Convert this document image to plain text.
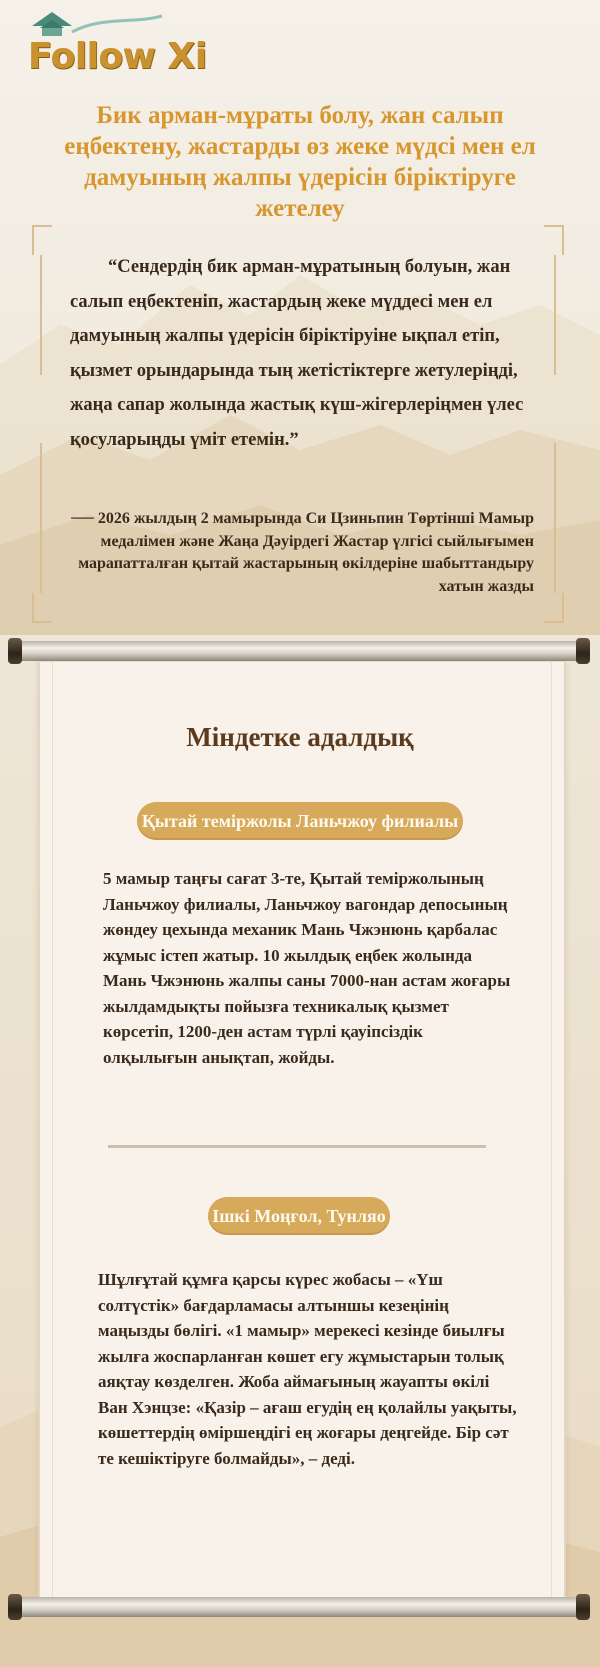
Follow Xi
Бик арман-мұраты болу, жан салып еңбектену, жастарды өз жеке мүдсі мен ел дамуының жалпы үдерісін біріктіруге жетелеу

“Сендердің бик арман-мұратының болуын, жан салып еңбектеніп, жастардың жеке мүддесі мен ел дамуының жалпы үдерісін біріктіруіне ықпал етіп, қызмет орындарында тың жетістіктерге жетулеріңді, жаңа сапар жолында жастық күш-жігерлеріңмен үлес қосуларыңды үміт етемін.”

── 2026 жылдың 2 мамырында Си Цзиньпин Төртінші Мамыр медалімен және Жаңа Дәуірдегі Жастар үлгісі сыйлығымен марапатталған қытай жастарының өкілдеріне шабыттандыру хатын жазды

Міндетке адалдық
Қытай теміржолы Ланьчжоу филиалы

5 мамыр таңғы сағат 3-те, Қытай теміржолының Ланьчжоу филиалы, Ланьчжоу вагондар депосының жөндеу цехында механик Мань Чжэнюнь қарбалас жұмыс істеп жатыр. 10 жылдық еңбек жолында Мань Чжэнюнь жалпы саны 7000-нан астам жоғары жылдамдықты пойызға техникалық қызмет көрсетіп, 1200-ден астам түрлі қауіпсіздік олқылығын анықтап, жойды.

Ішкі Моңғол, Тунляо

Шұлғұтай құмға қарсы күрес жобасы – «Үш солтүстік» бағдарламасы алтыншы кезеңінің маңызды бөлігі. «1 мамыр» мерекесі кезінде биылғы жылға жоспарланған көшет егу жұмыстарын толық аяқтау көзделген. Жоба аймағының жауапты өкілі Ван Хэнцзе: «Қазір – ағаш егудің ең қолайлы уақыты, көшеттердің өміршеңдігі ең жоғары деңгейде. Бір сәт те кешіктіруге болмайды», – деді.
